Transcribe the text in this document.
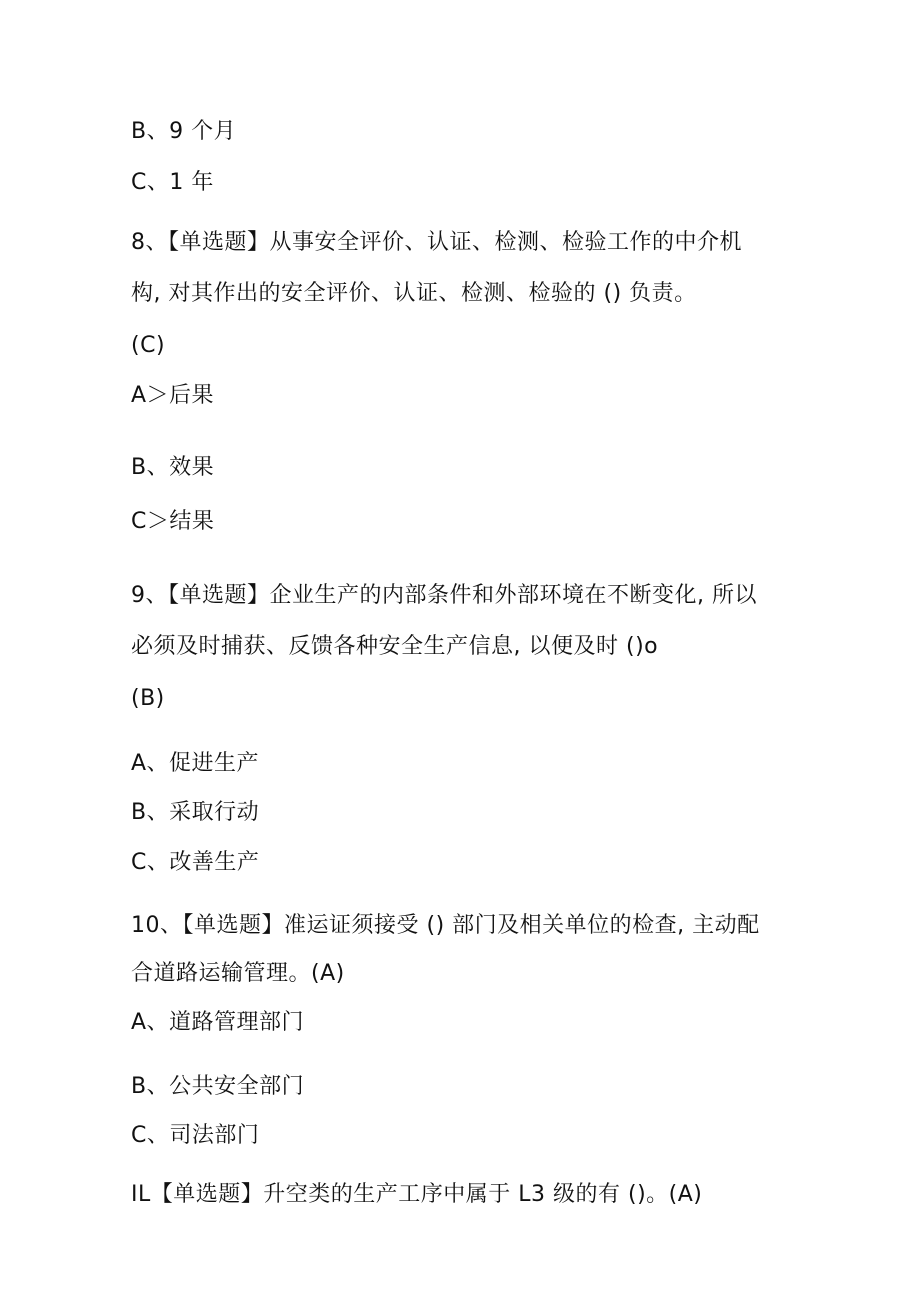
B、9 个月
C、1 年
8、【单选题】从事安全评价、认证、检测、检验工作的中介机
构, 对其作出的安全评价、认证、检测、检验的 () 负责。
(C)
A＞后果
B、效果
C＞结果
9、【单选题】企业生产的内部条件和外部环境在不断变化, 所以
必须及时捕获、反馈各种安全生产信息, 以便及时 ()o
(B)
A、促进生产
B、采取行动
C、改善生产
10、【单选题】准运证须接受 () 部门及相关单位的检查, 主动配
合道路运输管理。(A)
A、道路管理部门
B、公共安全部门
C、司法部门
IL【单选题】升空类的生产工序中属于 L3 级的有 ()。(A)
